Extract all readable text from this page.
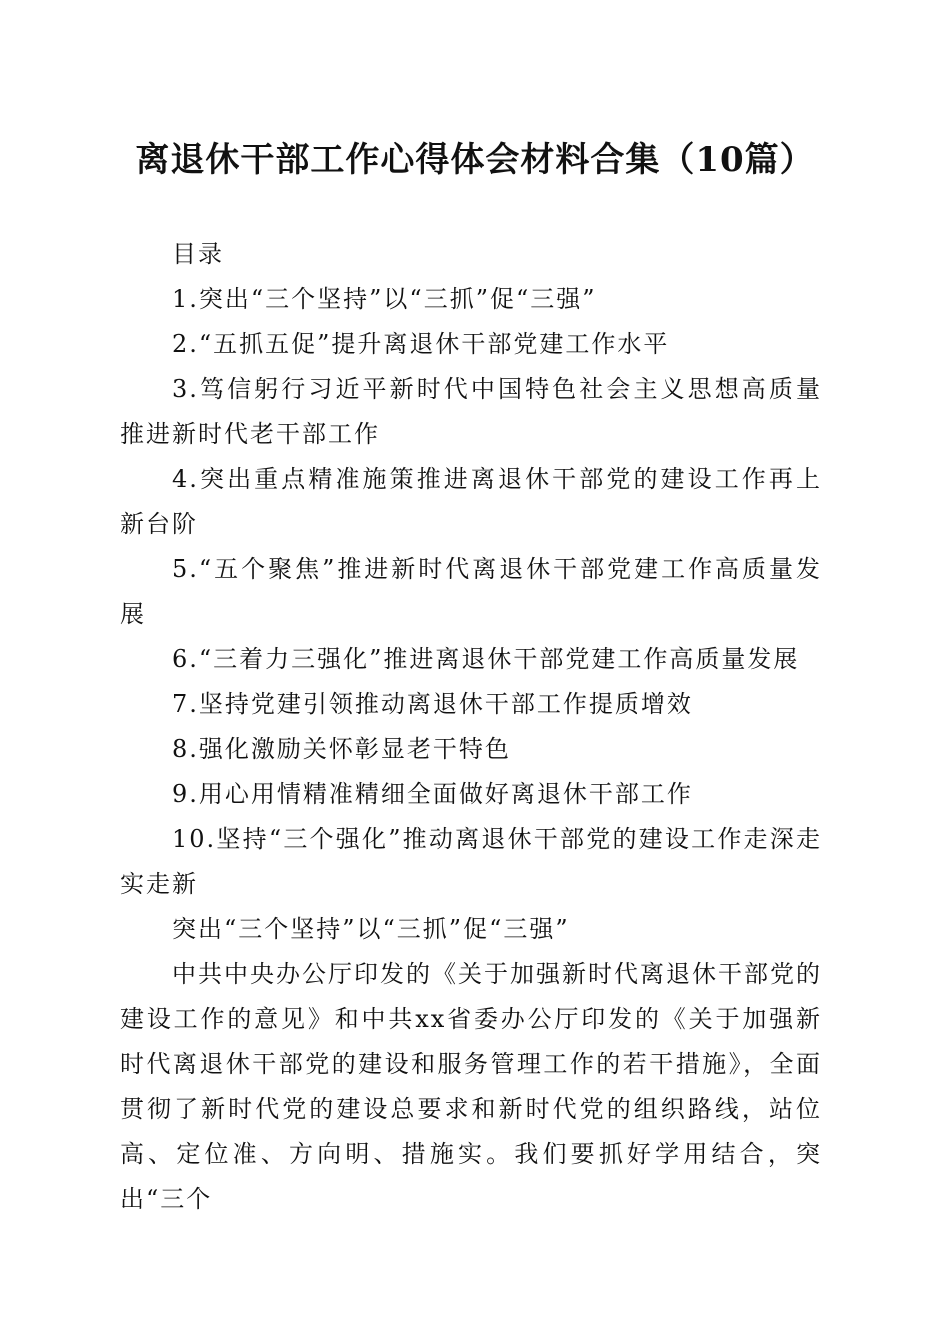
离退休干部工作心得体会材料合集（10篇）

目录

1.突出“三个坚持”以“三抓”促“三强”

2.“五抓五促”提升离退休干部党建工作水平

3.笃信躬行习近平新时代中国特色社会主义思想高质量推进新时代老干部工作

4.突出重点精准施策推进离退休干部党的建设工作再上新台阶

5.“五个聚焦”推进新时代离退休干部党建工作高质量发展

6.“三着力三强化”推进离退休干部党建工作高质量发展

7.坚持党建引领推动离退休干部工作提质增效

8.强化激励关怀彰显老干特色

9.用心用情精准精细全面做好离退休干部工作

10.坚持“三个强化”推动离退休干部党的建设工作走深走实走新

突出“三个坚持”以“三抓”促“三强”

中共中央办公厅印发的《关于加强新时代离退休干部党的建设工作的意见》和中共xx省委办公厅印发的《关于加强新时代离退休干部党的建设和服务管理工作的若干措施》，全面贯彻了新时代党的建设总要求和新时代党的组织路线，站位高、定位准、方向明、措施实。我们要抓好学用结合，突出“三个
